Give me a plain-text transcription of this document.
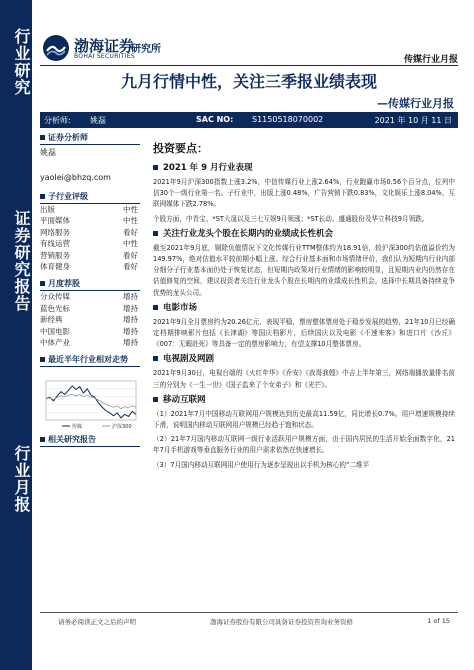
行业研究
证券研究报告
行业月报
渤海证券
BOHAI SECURITIES
研究所
传媒行业月报
九月行情中性，关注三季报业绩表现
—传媒行业月报
分析师: 姚磊	SAC NO: S1150518070002	2021 年 10 月 11 日
证券分析师
姚磊
yaolei@bhzq.com
子行业评级
出版	中性
平面媒体	中性
网络服务	看好
有线运营	中性
营销服务	看好
体育健身	看好
月度荐股
分众传媒	增持
蓝色光标	增持
新经典	增持
中国电影	增持
中体产业	增持
最近半年行业相对走势
传媒	沪深300
相关研究报告
投资要点：
2021 年 9 月行业表现

2021年9月沪深300指数上涨3.2%，中信传媒行业上涨2.64%，行业跑赢市场0.56个百分点，位列中信30个一级行业第一名。子行业中，出版上涨0.48%，广告营销下跌0.83%，文化娱乐上涨8.04%，互联网媒体下跌2.78%。

个股方面，中青宝、*ST大晟以及三七互娱9月领涨；*ST长动、盛通股份及华立科技9月领跌。

关注行业龙头个股在长期内的业绩成长性机会

截至2021年9月底，剔除负值情况下文化传媒行业TTM整体约为18.91倍，较沪深300约估值溢价约为149.97%，绝对估值水平较前期小幅上涨。综合行业基本面和市场情绪评价，我们认为短期内行业内部分细分子行业基本面仍处于恢复状态，但短期内政策对行业情绪的影响较明显，且短期内业内仍然存在估值修复的空间，建议投资者关注行业龙头个股在长期内的业绩成长性机会。选择中长期具备持续竞争优势的龙头公司。

电影市场

2021年9月全月票房约为20.26亿元，表现平稳，票房整体票房处于稳步发展的趋势，21年10月已经确定档期排映影片包括《长津湖》等国庆档影片，后续国庆以及电影《不速来客》和进口片《沙丘》《007：无暇赴死》等具备一定的票房影响力，有望支撑10月整体票房。

电视剧及网剧

2021年9月30日，电视台端的《火红年华》《乔安》《我哥我嫂》中吉上半年第三，网络端播放量排名前三的分别为《一生一世》《国子监来了个女弟子》和《光芒》。

移动互联网

（1）2021年7月中国移动互联网用户规模达到历史最高11.59亿，同比增长0.7%。用户增速规模持续下滑，说明国内移动互联网用户规模已经趋于饱和状态。

（2）21年7月国内移动互联网一级行业活跃用户规模方面，由于国内居民的生活开始全面数字化，21年7月手机游戏等垂直服务行业的用户需求依然在快速增长。

（3）7月国内移动互联网用户使用行为逐步呈现出以手机为核心的“二维平

请务必阅读正文之后的声明	渤海证券股份有限公司具备证券投资咨询业务资格	1 of 15
